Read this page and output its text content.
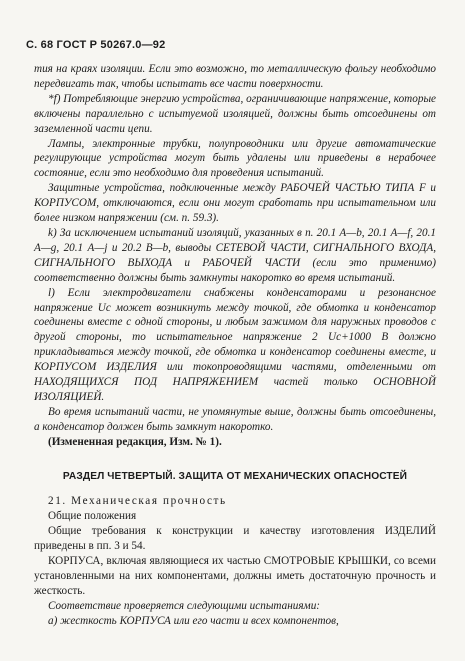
С. 68 ГОСТ Р 50267.0—92

тия на краях изоляции. Если это возможно, то металлическую фольгу необходимо передвигать так, чтобы испытать все части поверхности.

*f) Потребляющие энергию устройства, ограничивающие напряжение, которые включены параллельно с испытуемой изоляцией, должны быть отсоединены от заземленной части цепи.

Лампы, электронные трубки, полупроводники или другие автоматические регулирующие устройства могут быть удалены или приведены в нерабочее состояние, если это необходимо для проведения испытаний.

Защитные устройства, подключенные между РАБОЧЕЙ ЧАСТЬЮ ТИПА F и КОРПУСОМ, отключаются, если они могут сработать при испытательном или более низком напряжении (см. п. 59.3).

k) За исключением испытаний изоляций, указанных в п. 20.1 А—b, 20.1 А—f, 20.1 А—g, 20.1 А—j и 20.2 В—b, выводы СЕТЕВОЙ ЧАСТИ, СИГНАЛЬНОГО ВХОДА, СИГНАЛЬНОГО ВЫХОДА и РАБОЧЕЙ ЧАСТИ (если это применимо) соответственно должны быть замкнуты накоротко во время испытаний.

l) Если электродвигатели снабжены конденсаторами и резонансное напряжение Uc может возникнуть между точкой, где обмотка и конденсатор соединены вместе с одной стороны, и любым зажимом для наружных проводов с другой стороны, то испытательное напряжение 2 Uc+1000 В должно прикладываться между точкой, где обмотка и конденсатор соединены вместе, и КОРПУСОМ ИЗДЕЛИЯ или токопроводящими частями, отделенными от НАХОДЯЩИХСЯ ПОД НАПРЯЖЕНИЕМ частей только ОСНОВНОЙ ИЗОЛЯЦИЕЙ.

Во время испытаний части, не упомянутые выше, должны быть отсоединены, а конденсатор должен быть замкнут накоротко.

(Измененная редакция, Изм. № 1).

РАЗДЕЛ ЧЕТВЕРТЫЙ. ЗАЩИТА ОТ МЕХАНИЧЕСКИХ ОПАСНОСТЕЙ

21. Механическая прочность

Общие положения

Общие требования к конструкции и качеству изготовления ИЗДЕЛИЙ приведены в пп. 3 и 54.

КОРПУСА, включая являющиеся их частью СМОТРОВЫЕ КРЫШКИ, со всеми установленными на них компонентами, должны иметь достаточную прочность и жесткость.

Соответствие проверяется следующими испытаниями:

а) жесткость КОРПУСА или его части и всех компонентов,
